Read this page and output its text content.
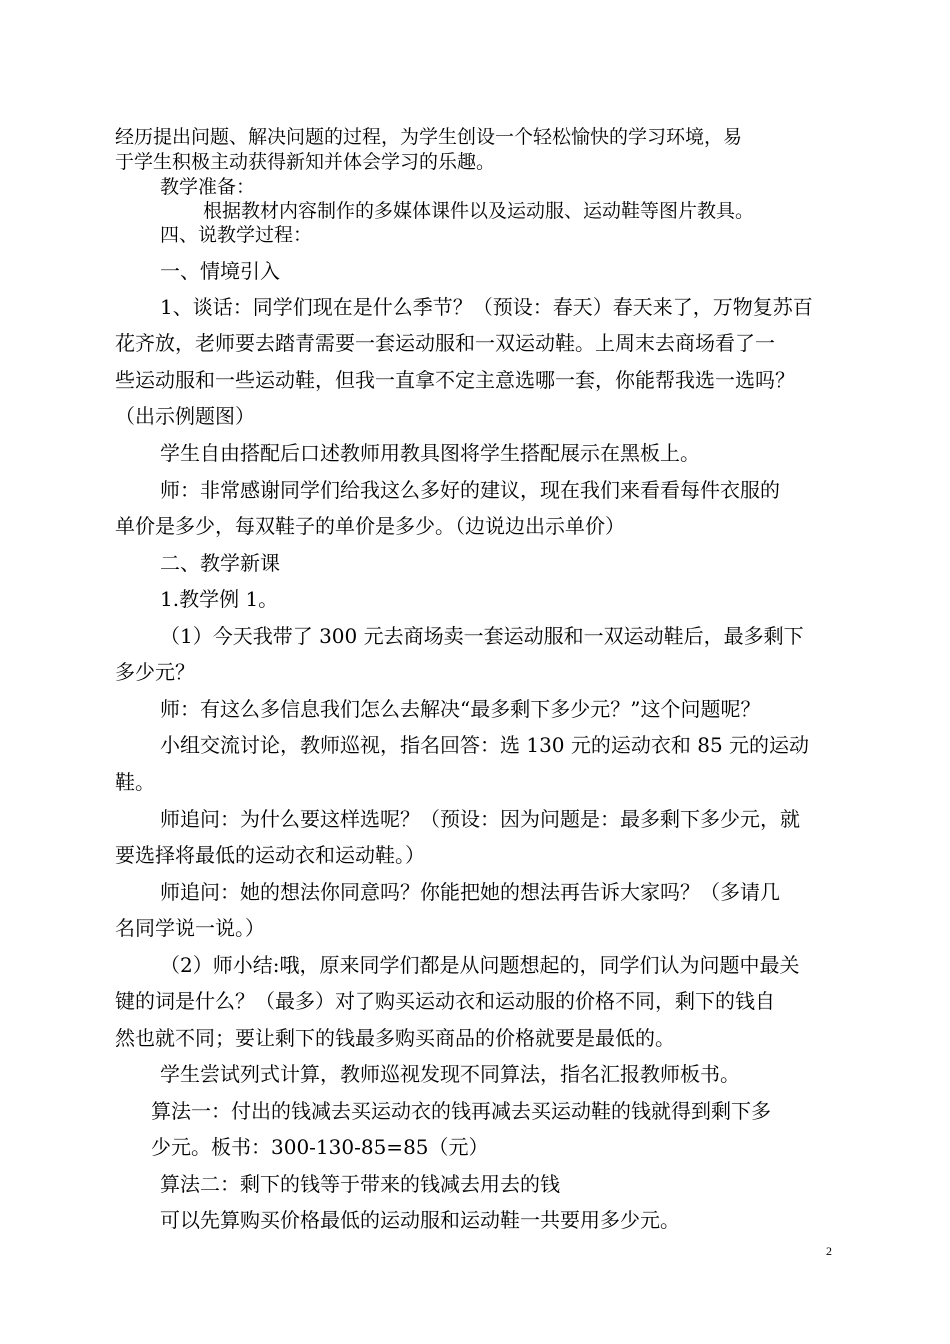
经历提出问题、解决问题的过程，为学生创设一个轻松愉快的学习环境，易
于学生积极主动获得新知并体会学习的乐趣。
教学准备：
根据教材内容制作的多媒体课件以及运动服、运动鞋等图片教具。
四、说教学过程：
一、情境引入
1、谈话：同学们现在是什么季节？（预设：春天）春天来了，万物复苏百
花齐放，老师要去踏青需要一套运动服和一双运动鞋。上周末去商场看了一
些运动服和一些运动鞋，但我一直拿不定主意选哪一套，你能帮我选一选吗？
（出示例题图）
学生自由搭配后口述教师用教具图将学生搭配展示在黑板上。
师：非常感谢同学们给我这么多好的建议，现在我们来看看每件衣服的
单价是多少，每双鞋子的单价是多少。（边说边出示单价）
二、教学新课
1.教学例 1。
（1）今天我带了 300 元去商场卖一套运动服和一双运动鞋后，最多剩下
多少元？
师：有这么多信息我们怎么去解决“最多剩下多少元？”这个问题呢？
小组交流讨论，教师巡视，指名回答：选 130 元的运动衣和 85 元的运动
鞋。
师追问：为什么要这样选呢？（预设：因为问题是：最多剩下多少元，就
要选择将最低的运动衣和运动鞋。）
师追问：她的想法你同意吗？你能把她的想法再告诉大家吗？（多请几
名同学说一说。）
（2）师小结:哦，原来同学们都是从问题想起的，同学们认为问题中最关
键的词是什么？（最多）对了购买运动衣和运动服的价格不同，剩下的钱自
然也就不同；要让剩下的钱最多购买商品的价格就要是最低的。
学生尝试列式计算，教师巡视发现不同算法，指名汇报教师板书。
算法一：付出的钱减去买运动衣的钱再减去买运动鞋的钱就得到剩下多
少元。板书：300-130-85=85（元）
算法二：剩下的钱等于带来的钱减去用去的钱
可以先算购买价格最低的运动服和运动鞋一共要用多少元。
2
